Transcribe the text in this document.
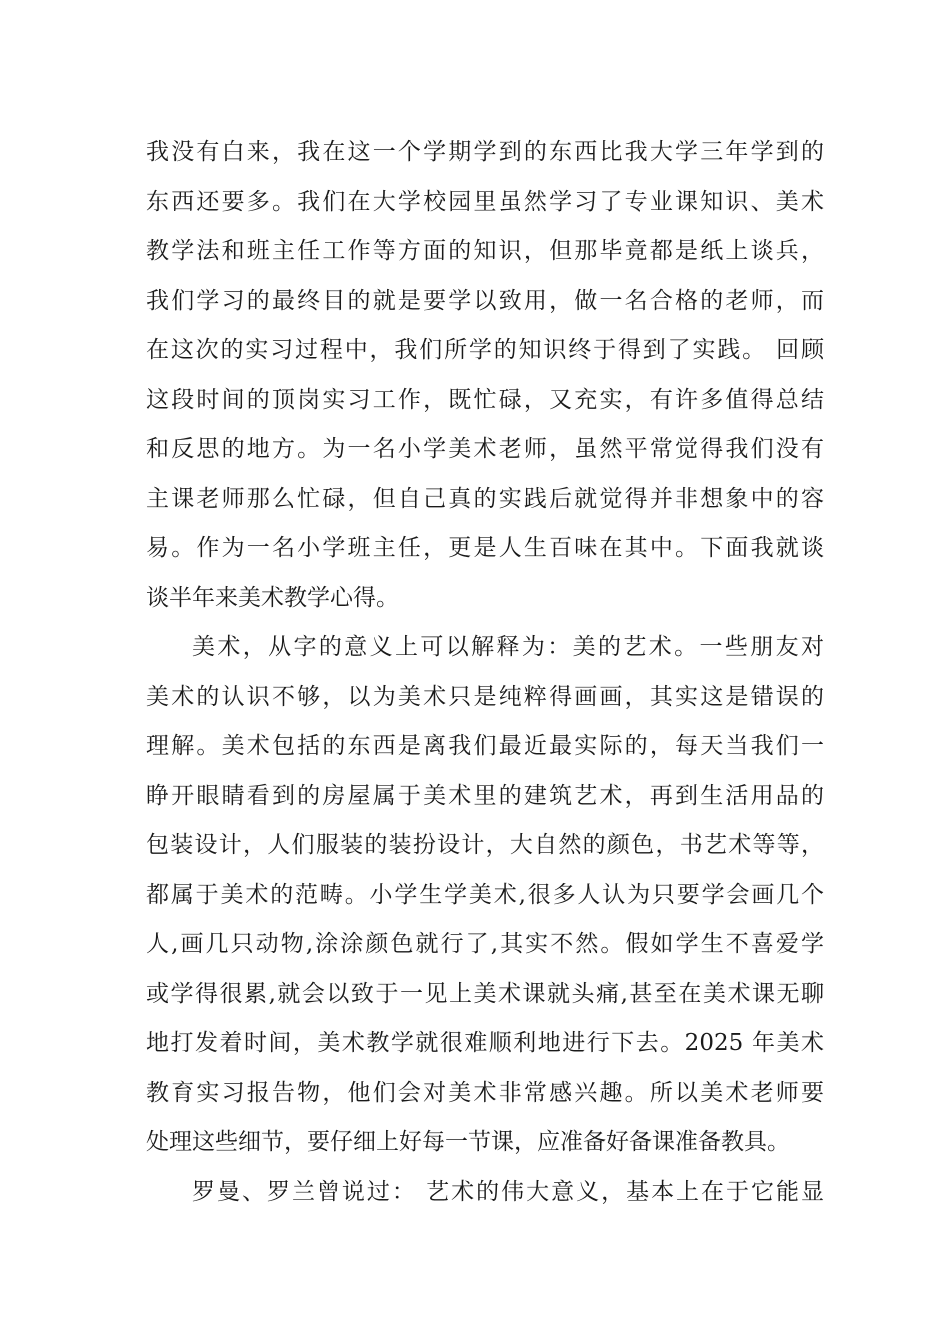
我没有白来，我在这一个学期学到的东西比我大学三年学到的
东西还要多。我们在大学校园里虽然学习了专业课知识、美术
教学法和班主任工作等方面的知识，但那毕竟都是纸上谈兵，
我们学习的最终目的就是要学以致用，做一名合格的老师，而
在这次的实习过程中，我们所学的知识终于得到了实践。 回顾
这段时间的顶岗实习工作，既忙碌，又充实，有许多值得总结
和反思的地方。为一名小学美术老师，虽然平常觉得我们没有
主课老师那么忙碌，但自己真的实践后就觉得并非想象中的容
易。作为一名小学班主任，更是人生百味在其中。下面我就谈
谈半年来美术教学心得。
美术，从字的意义上可以解释为：美的艺术。一些朋友对
美术的认识不够，以为美术只是纯粹得画画，其实这是错误的
理解。美术包括的东西是离我们最近最实际的，每天当我们一
睁开眼睛看到的房屋属于美术里的建筑艺术，再到生活用品的
包装设计，人们服装的装扮设计，大自然的颜色，书艺术等等，
都属于美术的范畴。小学生学美术,很多人认为只要学会画几个
人,画几只动物,涂涂颜色就行了,其实不然。假如学生不喜爱学
或学得很累,就会以致于一见上美术课就头痛,甚至在美术课无聊
地打发着时间，美术教学就很难顺利地进行下去。2025 年美术
教育实习报告物，他们会对美术非常感兴趣。所以美术老师要
处理这些细节，要仔细上好每一节课，应准备好备课准备教具。
罗曼、罗兰曾说过： 艺术的伟大意义，基本上在于它能显
